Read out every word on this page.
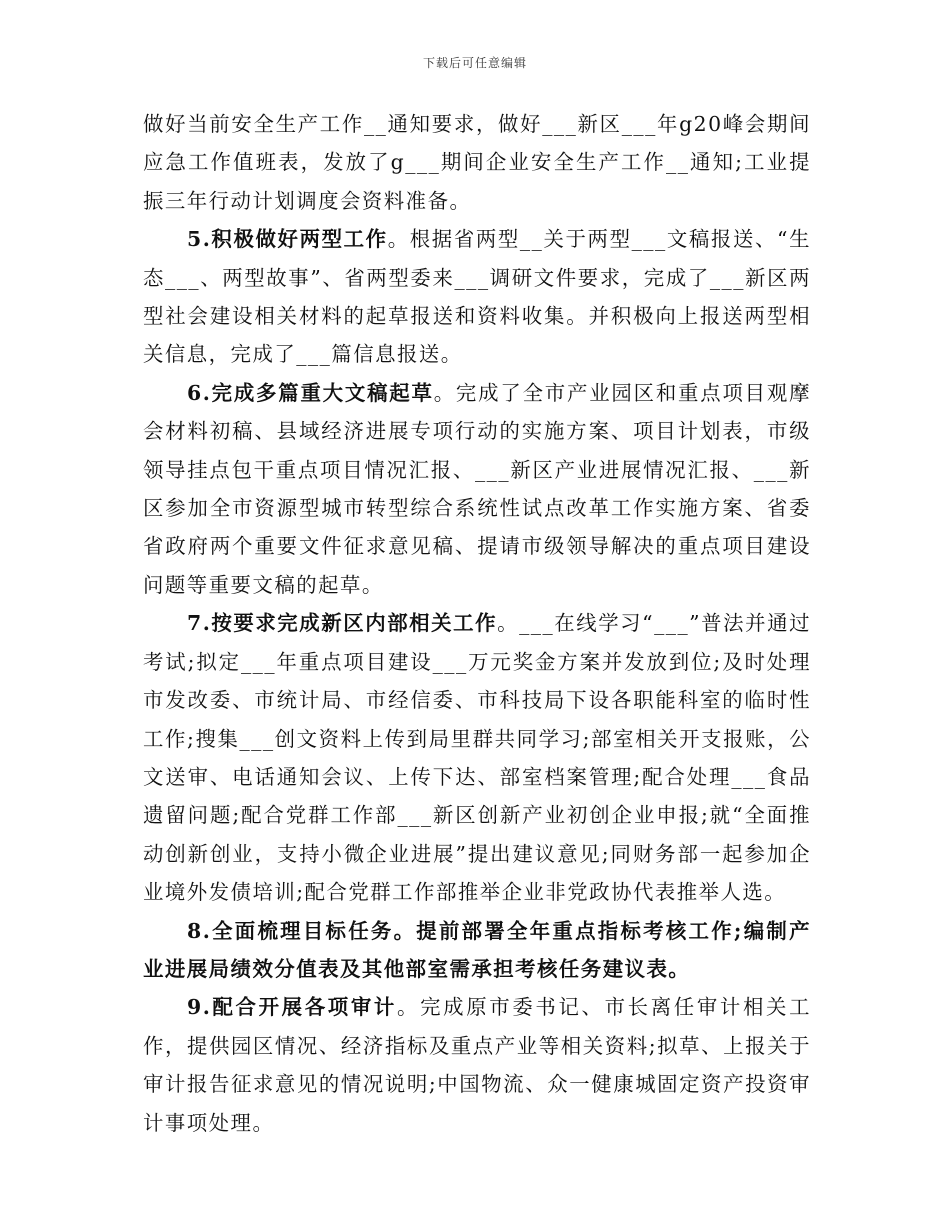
下载后可任意编辑

做好当前安全生产工作__通知要求，做好___新区___年g20峰会期间应急工作值班表，发放了g___期间企业安全生产工作__通知;工业提振三年行动计划调度会资料准备。

5.积极做好两型工作。根据省两型__关于两型___文稿报送、“生态___、两型故事”、省两型委来___调研文件要求，完成了___新区两型社会建设相关材料的起草报送和资料收集。并积极向上报送两型相关信息，完成了___篇信息报送。

6.完成多篇重大文稿起草。完成了全市产业园区和重点项目观摩会材料初稿、县域经济进展专项行动的实施方案、项目计划表，市级领导挂点包干重点项目情况汇报、___新区产业进展情况汇报、___新区参加全市资源型城市转型综合系统性试点改革工作实施方案、省委省政府两个重要文件征求意见稿、提请市级领导解决的重点项目建设问题等重要文稿的起草。

7.按要求完成新区内部相关工作。___在线学习“___”普法并通过考试;拟定___年重点项目建设___万元奖金方案并发放到位;及时处理市发改委、市统计局、市经信委、市科技局下设各职能科室的临时性工作;搜集___创文资料上传到局里群共同学习;部室相关开支报账，公文送审、电话通知会议、上传下达、部室档案管理;配合处理___食品遗留问题;配合党群工作部___新区创新产业初创企业申报;就“全面推动创新创业，支持小微企业进展”提出建议意见;同财务部一起参加企业境外发债培训;配合党群工作部推举企业非党政协代表推举人选。

8.全面梳理目标任务。提前部署全年重点指标考核工作;编制产业进展局绩效分值表及其他部室需承担考核任务建议表。

9.配合开展各项审计。完成原市委书记、市长离任审计相关工作，提供园区情况、经济指标及重点产业等相关资料;拟草、上报关于审计报告征求意见的情况说明;中国物流、众一健康城固定资产投资审计事项处理。
